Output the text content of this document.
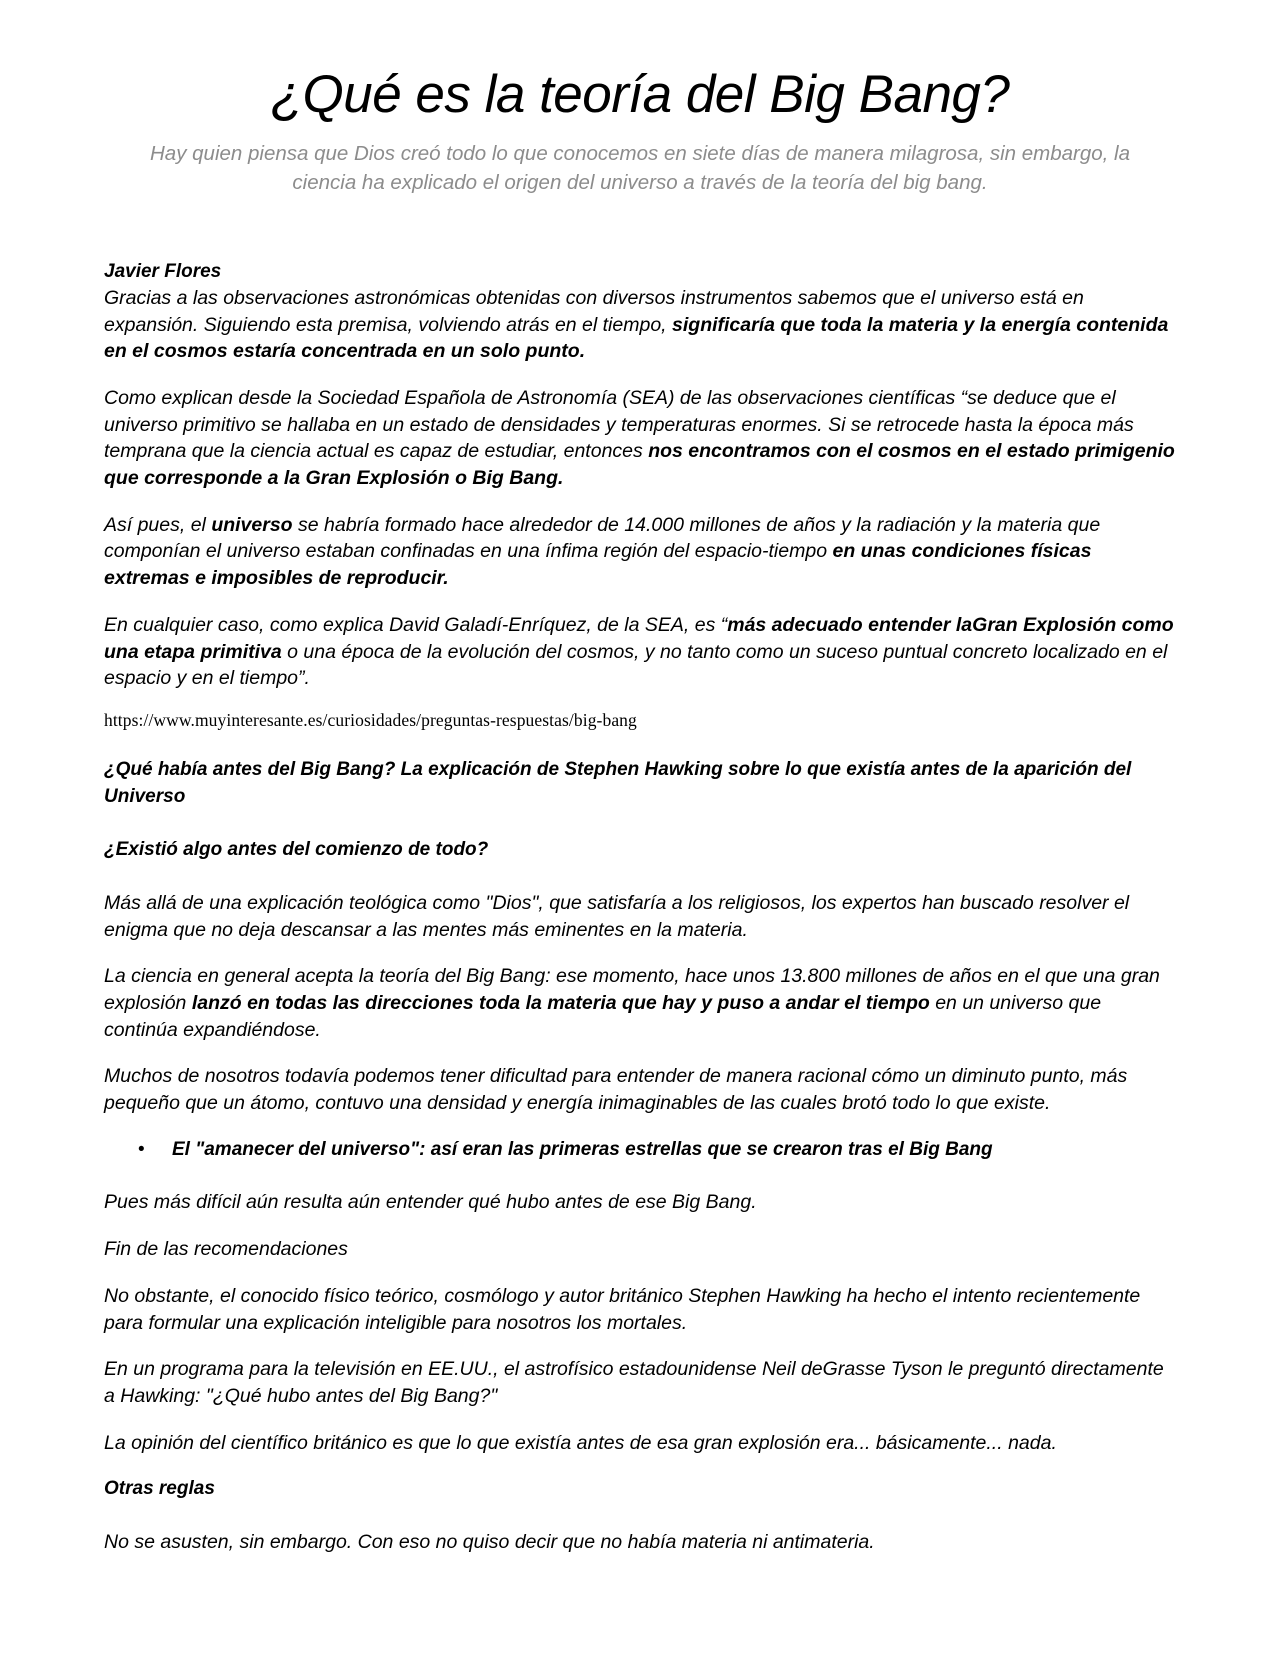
¿Qué es la teoría del Big Bang?
Hay quien piensa que Dios creó todo lo que conocemos en siete días de manera milagrosa, sin embargo, la ciencia ha explicado el origen del universo a través de la teoría del big bang.
Javier Flores

Gracias a las observaciones astronómicas obtenidas con diversos instrumentos sabemos que el universo está en expansión. Siguiendo esta premisa, volviendo atrás en el tiempo, significaría que toda la materia y la energía contenida en el cosmos estaría concentrada en un solo punto.

Como explican desde la Sociedad Española de Astronomía (SEA) de las observaciones científicas “se deduce que el universo primitivo se hallaba en un estado de densidades y temperaturas enormes. Si se retrocede hasta la época más temprana que la ciencia actual es capaz de estudiar, entonces nos encontramos con el cosmos en el estado primigenio que corresponde a la Gran Explosión o Big Bang.

Así pues, el universo se habría formado hace alrededor de 14.000 millones de años y la radiación y la materia que componían el universo estaban confinadas en una ínfima región del espacio-tiempo en unas condiciones físicas extremas e imposibles de reproducir.

En cualquier caso, como explica David Galadí-Enríquez, de la SEA, es “más adecuado entender laGran Explosión como una etapa primitiva o una época de la evolución del cosmos, y no tanto como un suceso puntual concreto localizado en el espacio y en el tiempo”.

https://www.muyinteresante.es/curiosidades/preguntas-respuestas/big-bang
¿Qué había antes del Big Bang? La explicación de Stephen Hawking sobre lo que existía antes de la aparición del Universo
¿Existió algo antes del comienzo de todo?

Más allá de una explicación teológica como "Dios", que satisfaría a los religiosos, los expertos han buscado resolver el enigma que no deja descansar a las mentes más eminentes en la materia.

La ciencia en general acepta la teoría del Big Bang: ese momento, hace unos 13.800 millones de años en el que una gran explosión lanzó en todas las direcciones toda la materia que hay y puso a andar el tiempo en un universo que continúa expandiéndose.

Muchos de nosotros todavía podemos tener dificultad para entender de manera racional cómo un diminuto punto, más pequeño que un átomo, contuvo una densidad y energía inimaginables de las cuales brotó todo lo que existe.

•	El "amanecer del universo": así eran las primeras estrellas que se crearon tras el Big Bang

Pues más difícil aún resulta aún entender qué hubo antes de ese Big Bang.

Fin de las recomendaciones

No obstante, el conocido físico teórico, cosmólogo y autor británico Stephen Hawking ha hecho el intento recientemente para formular una explicación inteligible para nosotros los mortales.

En un programa para la televisión en EE.UU., el astrofísico estadounidense Neil deGrasse Tyson le preguntó directamente a Hawking: "¿Qué hubo antes del Big Bang?"

La opinión del científico británico es que lo que existía antes de esa gran explosión era... básicamente... nada.

Otras reglas

No se asusten, sin embargo. Con eso no quiso decir que no había materia ni antimateria.
